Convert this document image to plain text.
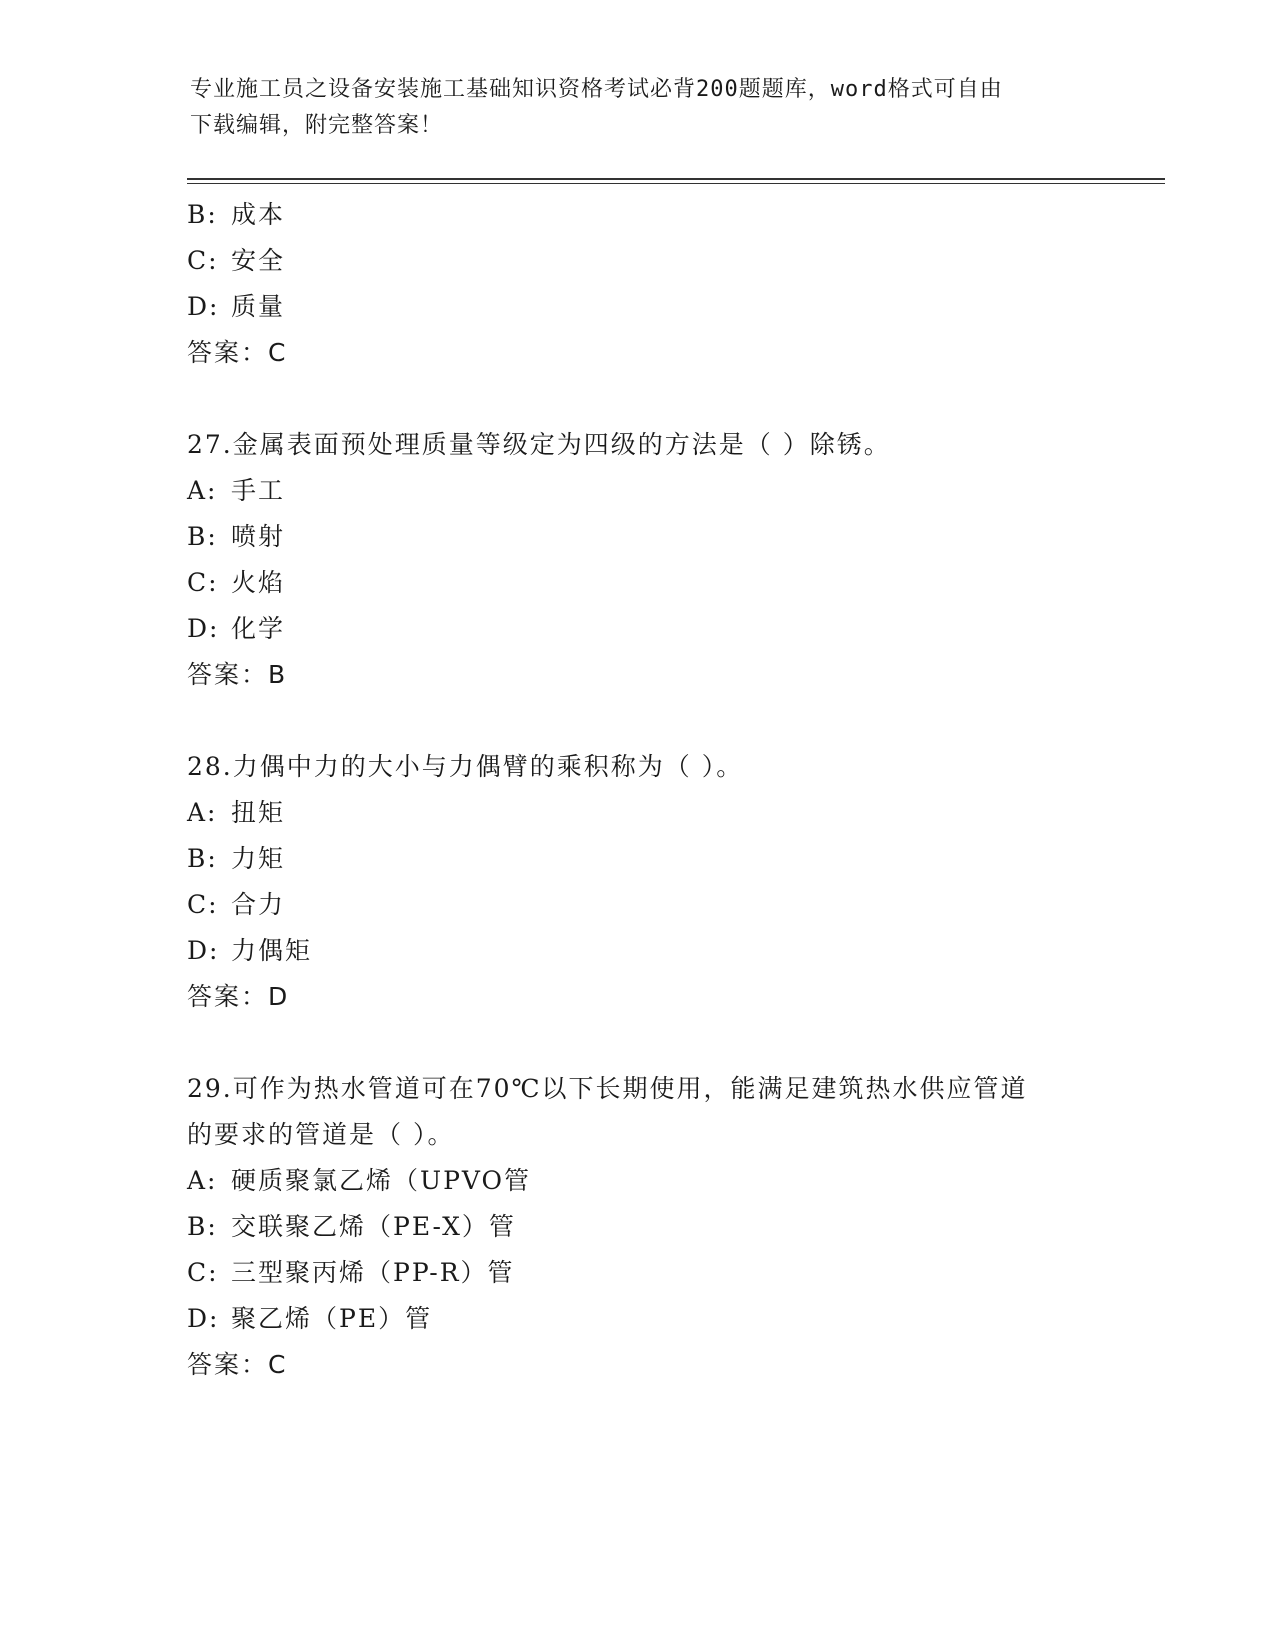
专业施工员之设备安装施工基础知识资格考试必背200题题库，word格式可自由
下载编辑，附完整答案！
B: 成本
C: 安全
D: 质量
答案：C
27.金属表面预处理质量等级定为四级的方法是（ ）除锈。
A: 手工
B: 喷射
C: 火焰
D: 化学
答案：B
28.力偶中力的大小与力偶臂的乘积称为（ ）。
A: 扭矩
B: 力矩
C: 合力
D: 力偶矩
答案：D
29.可作为热水管道可在70℃以下长期使用，能满足建筑热水供应管道
的要求的管道是（ ）。
A: 硬质聚氯乙烯（UPVO管
B: 交联聚乙烯（PE-X）管
C: 三型聚丙烯（PP-R）管
D: 聚乙烯（PE）管
答案：C
